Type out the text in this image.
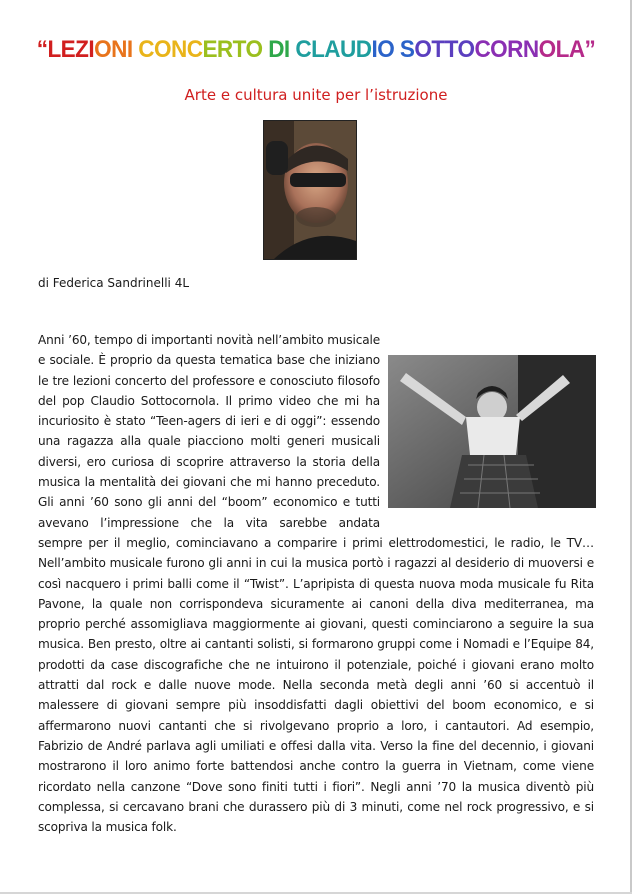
“LEZIONI CONCERTO DI CLAUDIO SOTTOCORNOLA”
Arte e cultura unite per l’istruzione
di Federica Sandrinelli 4L

Anni ’60, tempo di importanti novità nell’ambito musicale e sociale. È proprio da questa tematica base che iniziano le tre lezioni concerto del professore e conosciuto filosofo del pop Claudio Sottocornola. Il primo video che mi ha incuriosito è stato “Teen-agers di ieri e di oggi”: essendo una ragazza alla quale piacciono molti generi musicali diversi, ero curiosa di scoprire attraverso la storia della musica la mentalità dei giovani che mi hanno preceduto. Gli anni ’60 sono gli anni del “boom” economico e tutti avevano l’impressione che la vita sarebbe andata sempre per il meglio, cominciavano a comparire i primi elettrodomestici, le radio, le TV… Nell’ambito musicale furono gli anni in cui la musica portò i ragazzi al desiderio di muoversi e così nacquero i primi balli come il “Twist”. L’apripista di questa nuova moda musicale fu Rita Pavone, la quale non corrispondeva sicuramente ai canoni della diva mediterranea, ma proprio perché assomigliava maggiormente ai giovani, questi cominciarono a seguire la sua musica. Ben presto, oltre ai cantanti solisti, si formarono gruppi come i Nomadi e l’Equipe 84, prodotti da case discografiche che ne intuirono il potenziale, poiché i giovani erano molto attratti dal rock e dalle nuove mode. Nella seconda metà degli anni ’60 si accentuò il malessere di giovani sempre più insoddisfatti dagli obiettivi del boom economico, e si affermarono nuovi cantanti che si rivolgevano proprio a loro, i cantautori. Ad esempio, Fabrizio de André parlava agli umiliati e offesi dalla vita. Verso la fine del decennio, i giovani mostrarono il loro animo forte battendosi anche contro la guerra in Vietnam, come viene ricordato nella canzone “Dove sono finiti tutti i fiori”. Negli anni ’70 la musica diventò più complessa, si cercavano brani che durassero più di 3 minuti, come nel rock progressivo, e si scopriva la musica folk.
